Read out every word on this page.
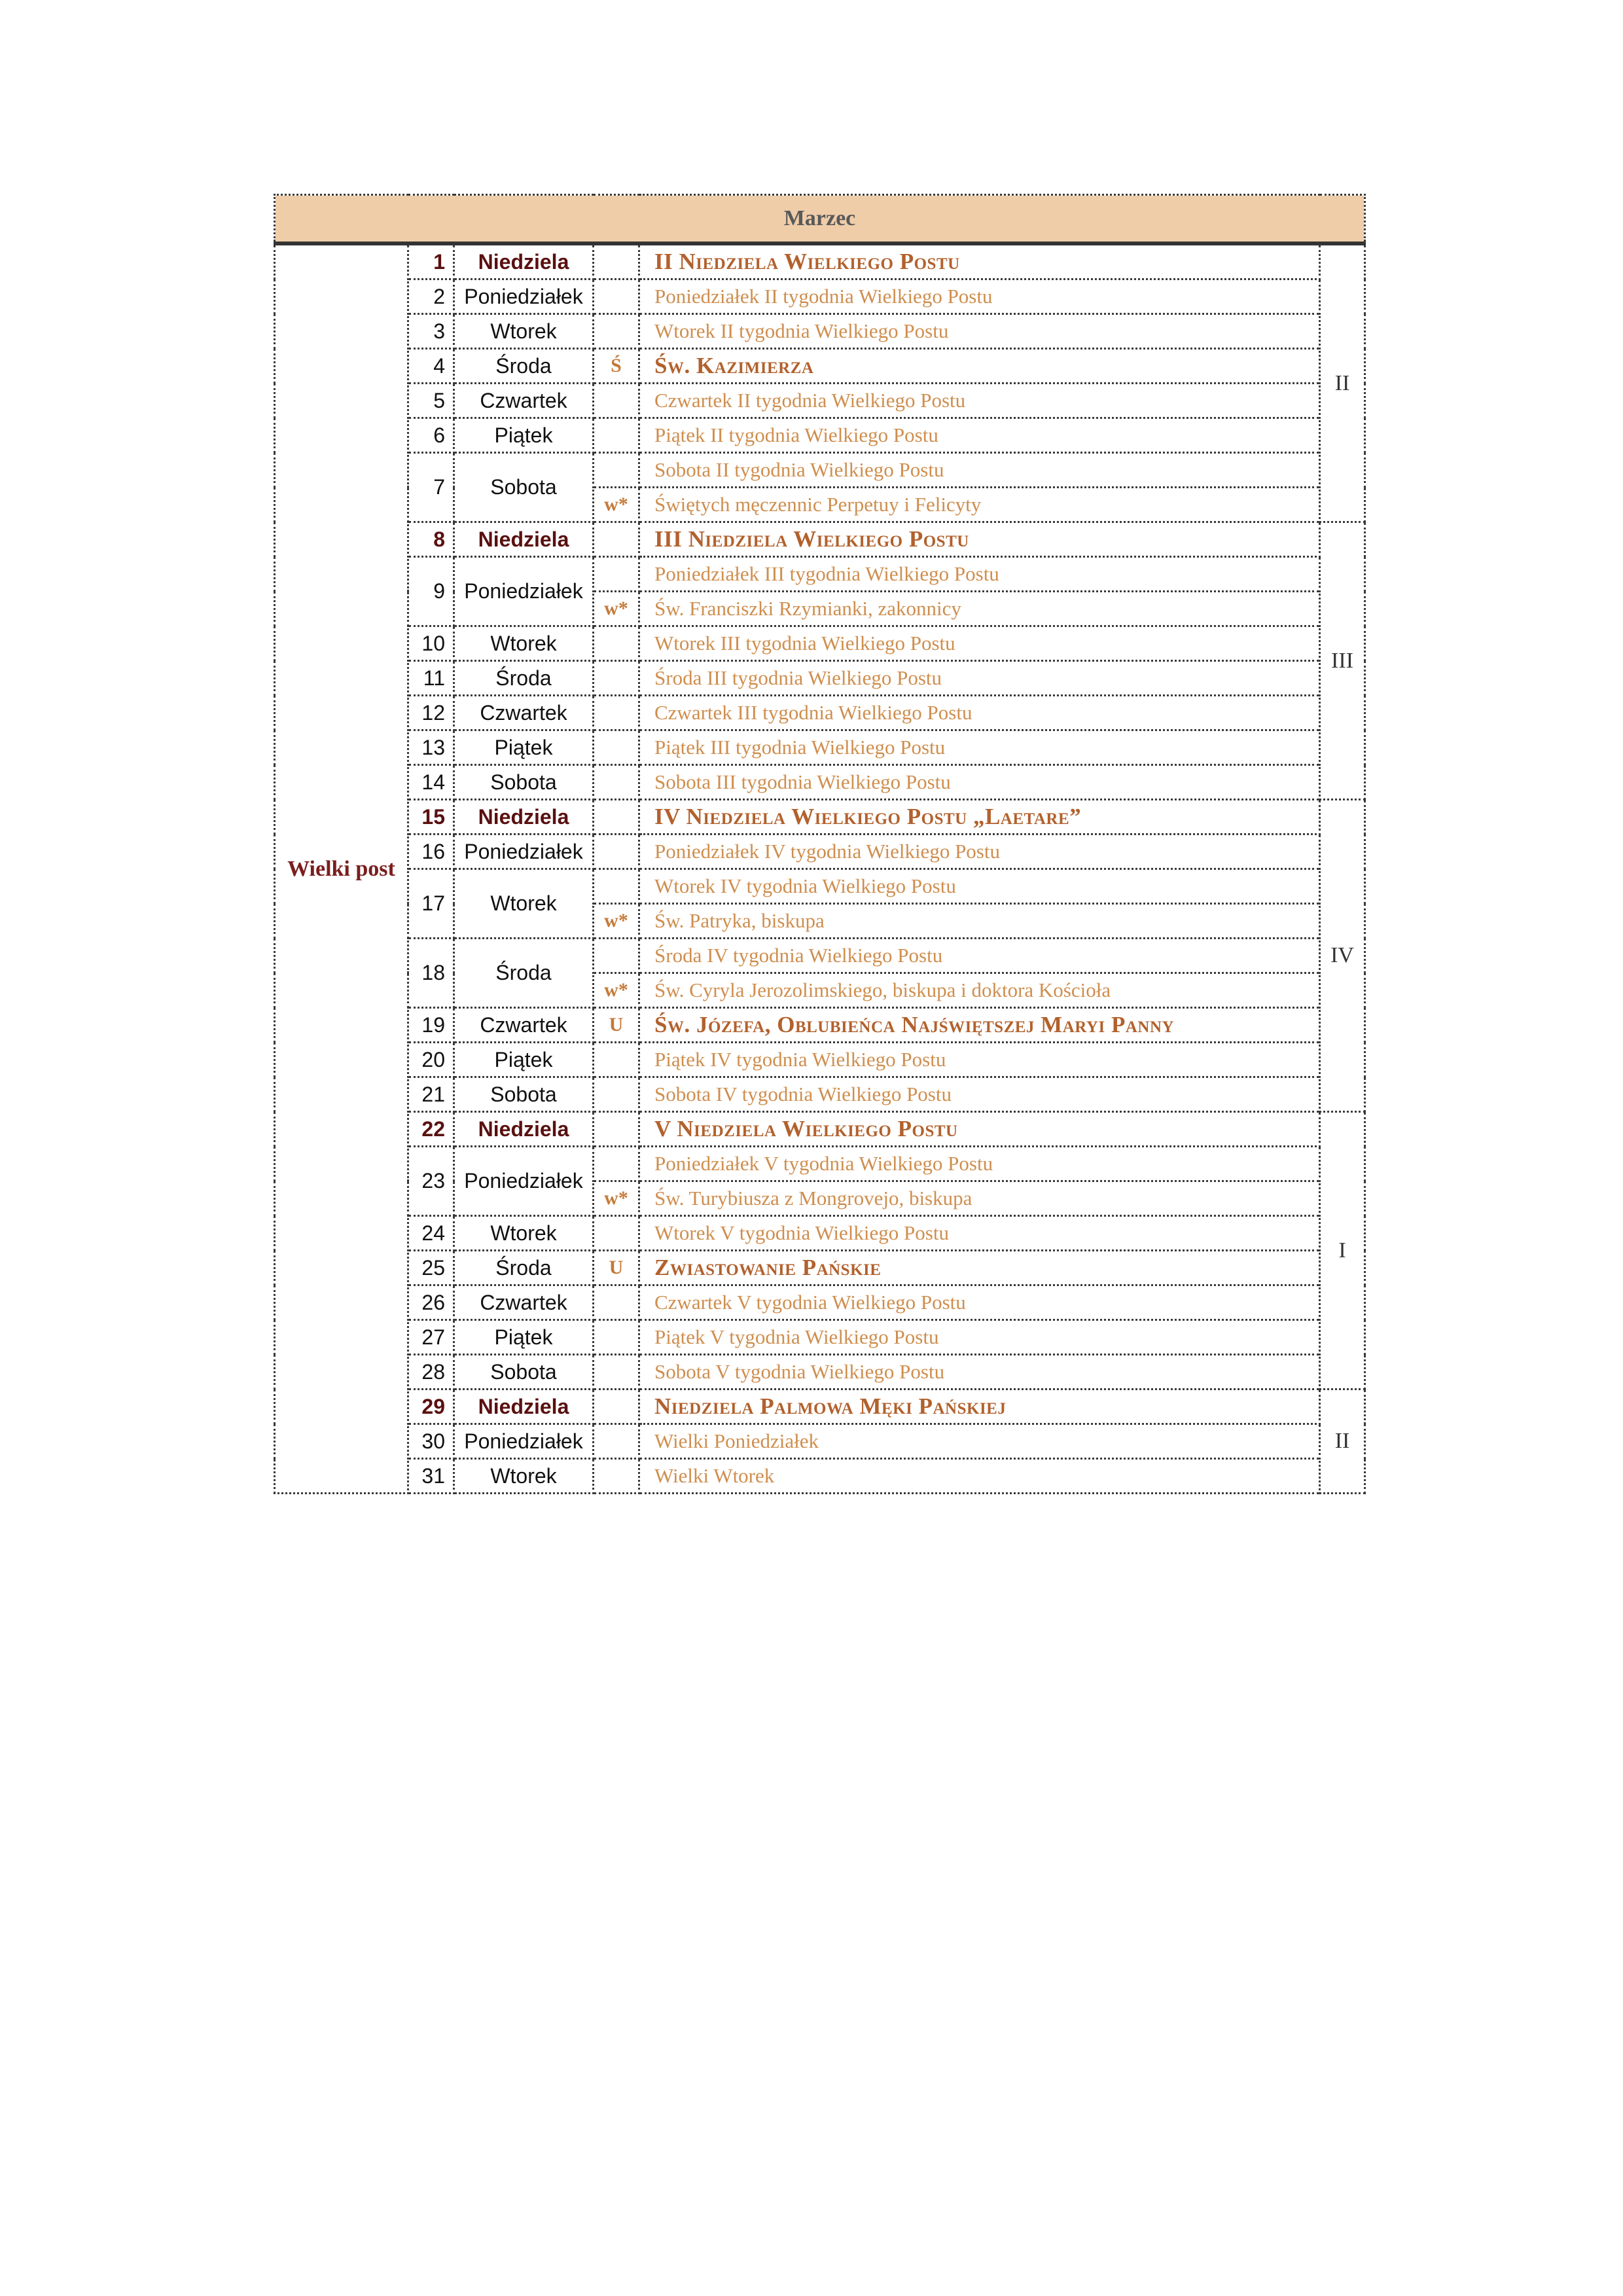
Marzec					
Wielki post	1	Niedziela		II Niedziela Wielkiego Postu	II
	2	Poniedziałek		Poniedziałek II tygodnia Wielkiego Postu	
	3	Wtorek		Wtorek II tygodnia Wielkiego Postu	
	4	Środa	Ś	Św. Kazimierza	
	5	Czwartek		Czwartek II tygodnia Wielkiego Postu	
	6	Piątek		Piątek II tygodnia Wielkiego Postu	
	7	Sobota		Sobota II tygodnia Wielkiego Postu	
			w*	Świętych męczennic Perpetuy i Felicyty	
	8	Niedziela		III Niedziela Wielkiego Postu	III
	9	Poniedziałek		Poniedziałek III tygodnia Wielkiego Postu	
			w*	Św. Franciszki Rzymianki, zakonnicy	
	10	Wtorek		Wtorek III tygodnia Wielkiego Postu	
	11	Środa		Środa III tygodnia Wielkiego Postu	
	12	Czwartek		Czwartek III tygodnia Wielkiego Postu	
	13	Piątek		Piątek III tygodnia Wielkiego Postu	
	14	Sobota		Sobota III tygodnia Wielkiego Postu	
	15	Niedziela		IV Niedziela Wielkiego Postu „Laetare”	IV
	16	Poniedziałek		Poniedziałek IV tygodnia Wielkiego Postu	
	17	Wtorek		Wtorek IV tygodnia Wielkiego Postu	
			w*	Św. Patryka, biskupa	
	18	Środa		Środa IV tygodnia Wielkiego Postu	
			w*	Św. Cyryla Jerozolimskiego, biskupa i doktora Kościoła	
	19	Czwartek	U	Św. Józefa, Oblubieńca Najświętszej Maryi Panny	
	20	Piątek		Piątek IV tygodnia Wielkiego Postu	
	21	Sobota		Sobota IV tygodnia Wielkiego Postu	
	22	Niedziela		V Niedziela Wielkiego Postu	I
	23	Poniedziałek		Poniedziałek V tygodnia Wielkiego Postu	
			w*	Św. Turybiusza z Mongrovejo, biskupa	
	24	Wtorek		Wtorek V tygodnia Wielkiego Postu	
	25	Środa	U	Zwiastowanie Pańskie	
	26	Czwartek		Czwartek V tygodnia Wielkiego Postu	
	27	Piątek		Piątek V tygodnia Wielkiego Postu	
	28	Sobota		Sobota V tygodnia Wielkiego Postu	
	29	Niedziela		Niedziela Palmowa Męki Pańskiej	II
	30	Poniedziałek		Wielki Poniedziałek	
	31	Wtorek		Wielki Wtorek	
